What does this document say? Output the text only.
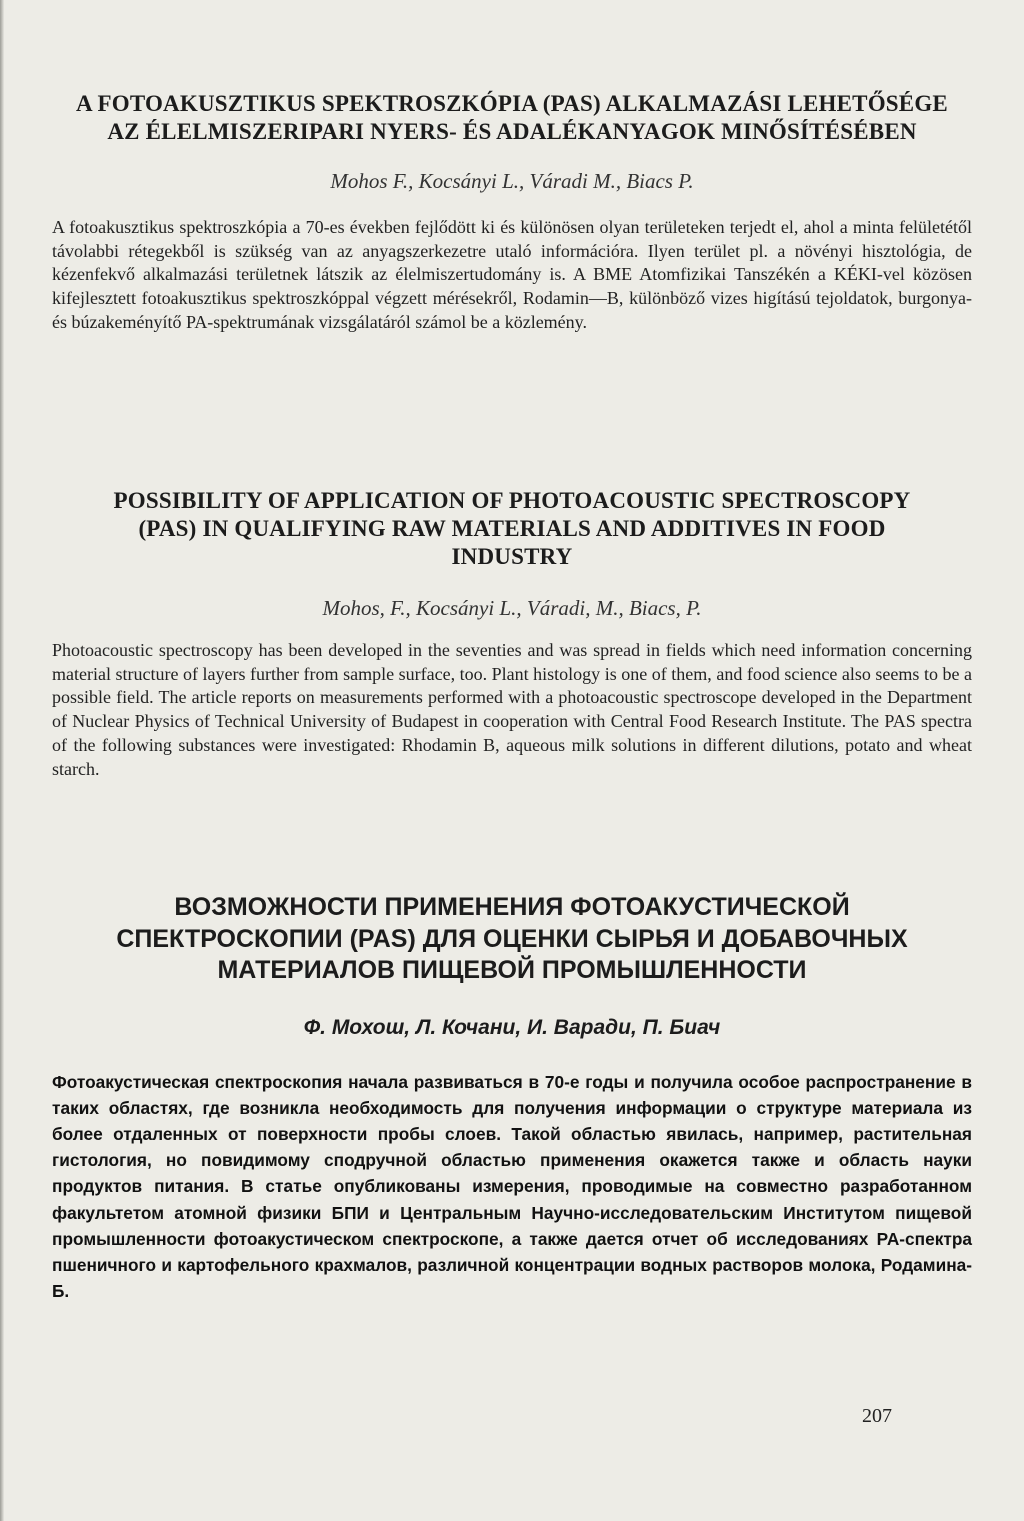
A FOTOAKUSZTIKUS SPEKTROSZKÓPIA (PAS) ALKALMAZÁSI LEHETŐSÉGE AZ ÉLELMISZERIPARI NYERS- ÉS ADALÉKANYAGOK MINŐSÍTÉSÉBEN

Mohos F., Kocsányi L., Váradi M., Biacs P.

A fotoakusztikus spektroszkópia a 70-es években fejlődött ki és különösen olyan területeken terjedt el, ahol a minta felületétől távolabbi rétegekből is szükség van az anyagszerkezetre utaló információra. Ilyen terület pl. a növényi hisztológia, de kézenfekvő alkalmazási területnek látszik az élelmiszertudomány is. A BME Atomfizikai Tanszékén a KÉKI-vel közösen kifejlesztett fotoakusztikus spektroszkóppal végzett mérésekről, Rodamin—B, különböző vizes higítású tejoldatok, burgonya- és búzakeményítő PA-spektrumának vizsgálatáról számol be a közlemény.

POSSIBILITY OF APPLICATION OF PHOTOACOUSTIC SPECTROSCOPY (PAS) IN QUALIFYING RAW MATERIALS AND ADDITIVES IN FOOD INDUSTRY

Mohos, F., Kocsányi L., Váradi, M., Biacs, P.

Photoacoustic spectroscopy has been developed in the seventies and was spread in fields which need information concerning material structure of layers further from sample surface, too. Plant histology is one of them, and food science also seems to be a possible field. The article reports on measurements performed with a photoacoustic spectroscope developed in the Department of Nuclear Physics of Technical University of Budapest in cooperation with Central Food Research Institute. The PAS spectra of the following substances were investigated: Rhodamin B, aqueous milk solutions in different dilutions, potato and wheat starch.

ВОЗМОЖНОСТИ ПРИМЕНЕНИЯ ФОТОАКУСТИЧЕСКОЙ СПЕКТРОСКОПИИ (PAS) ДЛЯ ОЦЕНКИ СЫРЬЯ И ДОБАВОЧНЫХ МАТЕРИАЛОВ ПИЩЕВОЙ ПРОМЫШЛЕННОСТИ

Ф. Мохош, Л. Кочани, И. Варади, П. Биач

Фотоакустическая спектроскопия начала развиваться в 70-е годы и получила особое распространение в таких областях, где возникла необходимость для получения информации о структуре материала из более отдаленных от поверхности пробы слоев. Такой областью явилась, например, растительная гистология, но повидимому сподручной областью применения окажется также и область науки продуктов питания. В статье опубликованы измерения, проводимые на совместно разработанном факультетом атомной физики БПИ и Центральным Научно-исследовательским Институтом пищевой промышленности фотоакустическом спектроскопе, а также дается отчет об исследованиях PA-спектра пшеничного и картофельного крахмалов, различной концентрации водных растворов молока, Родамина-Б.

207
